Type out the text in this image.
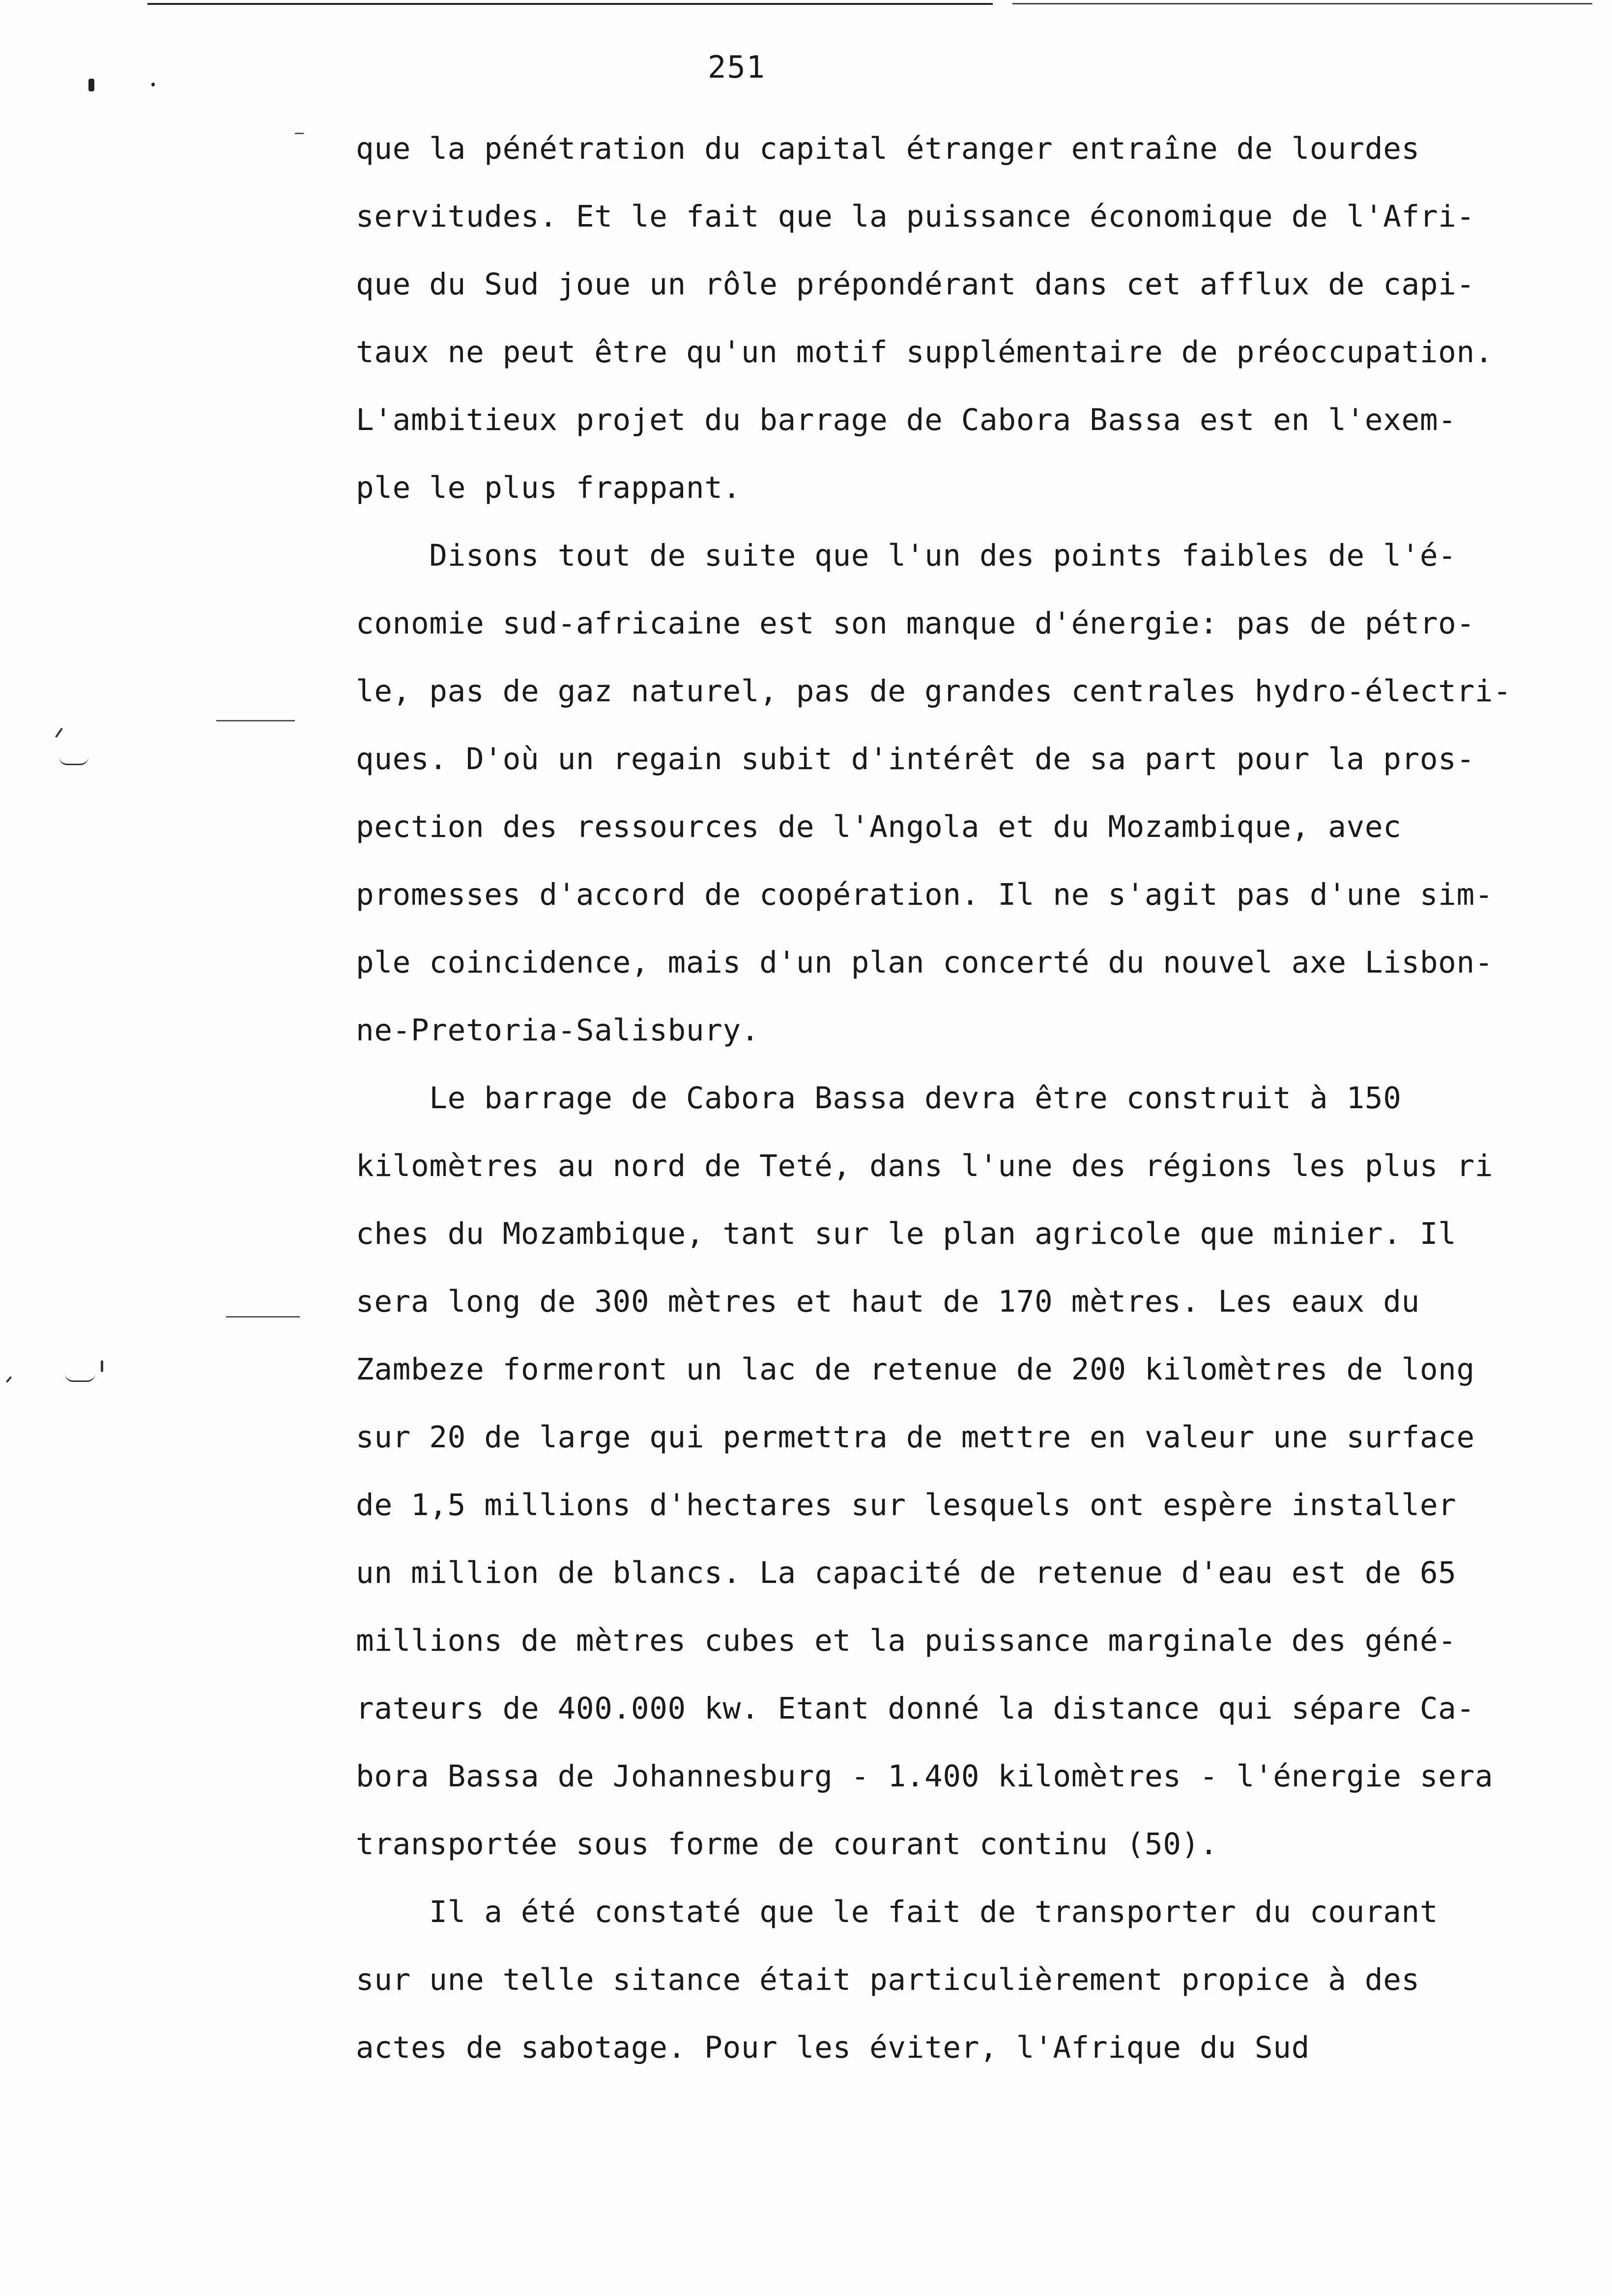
251
que la pénétration du capital étranger entraîne de lourdes
servitudes. Et le fait que la puissance économique de l'Afri-
que du Sud joue un rôle prépondérant dans cet afflux de capi-
taux ne peut être qu'un motif supplémentaire de préoccupation.
L'ambitieux projet du barrage de Cabora Bassa est en l'exem-
ple le plus frappant.
Disons tout de suite que l'un des points faibles de l'é-
conomie sud-africaine est son manque d'énergie: pas de pétro-
le, pas de gaz naturel, pas de grandes centrales hydro-électri-
ques. D'où un regain subit d'intérêt de sa part pour la pros-
pection des ressources de l'Angola et du Mozambique, avec
promesses d'accord de coopération. Il ne s'agit pas d'une sim-
ple coincidence, mais d'un plan concerté du nouvel axe Lisbon-
ne-Pretoria-Salisbury.
Le barrage de Cabora Bassa devra être construit à 150
kilomètres au nord de Teté, dans l'une des régions les plus ri
ches du Mozambique, tant sur le plan agricole que minier. Il
sera long de 300 mètres et haut de 170 mètres. Les eaux du
Zambeze formeront un lac de retenue de 200 kilomètres de long
sur 20 de large qui permettra de mettre en valeur une surface
de 1,5 millions d'hectares sur lesquels ont espère installer
un million de blancs. La capacité de retenue d'eau est de 65
millions de mètres cubes et la puissance marginale des géné-
rateurs de 400.000 kw. Etant donné la distance qui sépare Ca-
bora Bassa de Johannesburg - 1.400 kilomètres - l'énergie sera
transportée sous forme de courant continu (50).
Il a été constaté que le fait de transporter du courant
sur une telle sitance était particulièrement propice à des
actes de sabotage. Pour les éviter, l'Afrique du Sud
